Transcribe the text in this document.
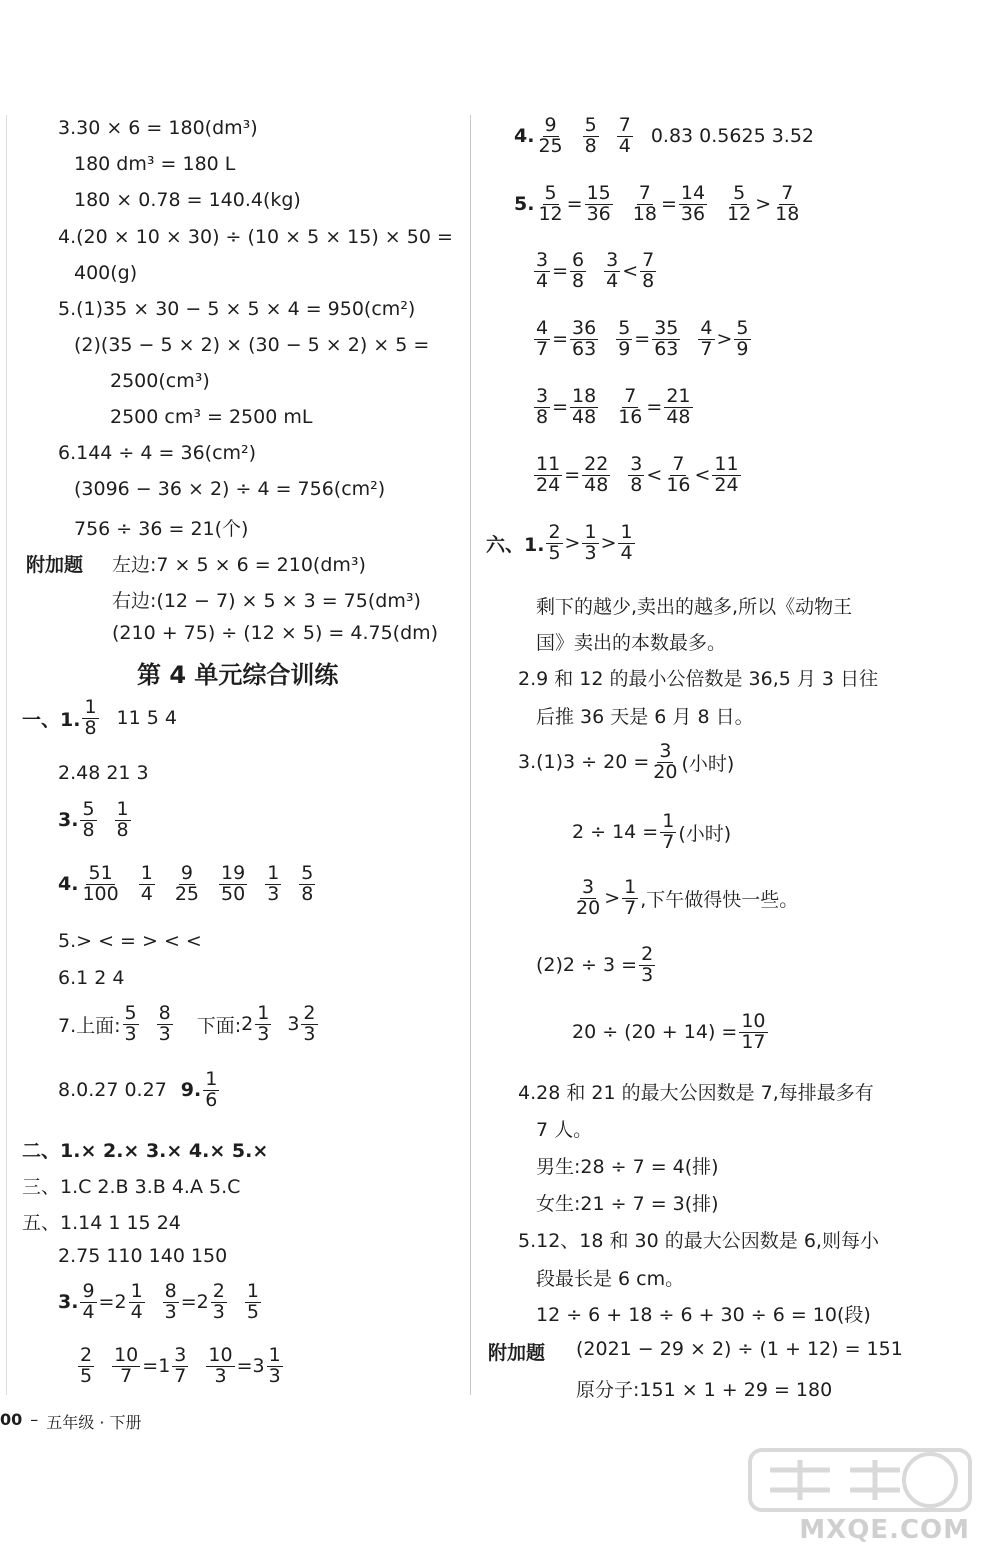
3.30 × 6 = 180(dm³)
180 dm³ = 180 L
180 × 0.78 = 140.4(kg)
4.(20 × 10 × 30) ÷ (10 × 5 × 15) × 50 =
400(g)
5.(1)35 × 30 − 5 × 5 × 4 = 950(cm²)
(2)(35 − 5 × 2) × (30 − 5 × 2) × 5 =
2500(cm³)
2500 cm³ = 2500 mL
6.144 ÷ 4 = 36(cm²)
(3096 − 36 × 2) ÷ 4 = 756(cm²)
756 ÷ 36 = 21(个)
附加题 左边:7 × 5 × 6 = 210(dm³)
右边:(12 − 7) × 5 × 3 = 75(dm³)
(210 + 75) ÷ (12 × 5) = 4.75(dm)
第 4 单元综合训练
一、1. $\frac{1}{8} 11$ 5 4
2.48 21 3
3. $\frac{5}{8} \frac{1}{8}$
4. $\frac{51}{100} \frac{1}{4} \frac{9}{25} \frac{19}{50} \frac{1}{3} \frac{5}{8}$
5.> < = > < <
6.1 2 4
7.上面: $\frac{5}{3} \frac{8}{3}$ 下面: $2 \frac{1}{3} 3 \frac{2}{3}$
8.0.27 0.27 9. $\frac{1}{6}$
二、1.× 2.× 3.× 4.× 5.×
三、1.C 2.B 3.B 4.A 5.C
五、1.14 1 15 24
2.75 110 140 150
3. $\frac{9}{4} = 2 \frac{1}{4} \frac{8}{3} = 2 \frac{2}{3} \frac{1}{5}$
$\frac{2}{5} \frac{10}{7} = 1 \frac{3}{7} \frac{10}{3} = 3 \frac{1}{3}$
4. $\frac{9}{25} \frac{5}{8} \frac{7}{4} 0.83$ 0.5625 3.52
5. $\frac{5}{12} = \frac{15}{36} \frac{7}{18} = \frac{14}{36} \frac{5}{12} > \frac{7}{18}$
$\frac{3}{4} = \frac{6}{8} \frac{3}{4} < \frac{7}{8}$
$\frac{4}{7} = \frac{36}{63} \frac{5}{9} = \frac{35}{63} \frac{4}{7} > \frac{5}{9}$
$\frac{3}{8} = \frac{18}{48} \frac{7}{16} = \frac{21}{48}$
$\frac{11}{24} = \frac{22}{48} \frac{3}{8} < \frac{7}{16} < \frac{11}{24}$
六、1. $\frac{2}{5} > \frac{1}{3} > \frac{1}{4}$
剩下的越少,卖出的越多,所以《动物王
国》卖出的本数最多。
2.9 和 12 的最小公倍数是 36,5 月 3 日往
后推 36 天是 6 月 8 日。
$3.(1)3 \div 20 = \frac{3}{20}$ (小时)
$2 \div 14 = \frac{1}{7}$ (小时)
$\frac{3}{20} > \frac{1}{7}$ ,下午做得快一些。
$(2)2 \div 3 = \frac{2}{3}$
$20 \div (20 + 14) = \frac{10}{17}$
4.28 和 21 的最大公因数是 7,每排最多有
7 人。
男生:28 ÷ 7 = 4(排)
女生:21 ÷ 7 = 3(排)
5.12、18 和 30 的最大公因数是 6,则每小
段最长是 6 cm。
12 ÷ 6 + 18 ÷ 6 + 30 ÷ 6 = 10(段)
附加题 (2021 − 29 × 2) ÷ (1 + 12) = 151
原分子:151 × 1 + 29 = 180
00 – 五年级 · 下册
MXQE.COM
